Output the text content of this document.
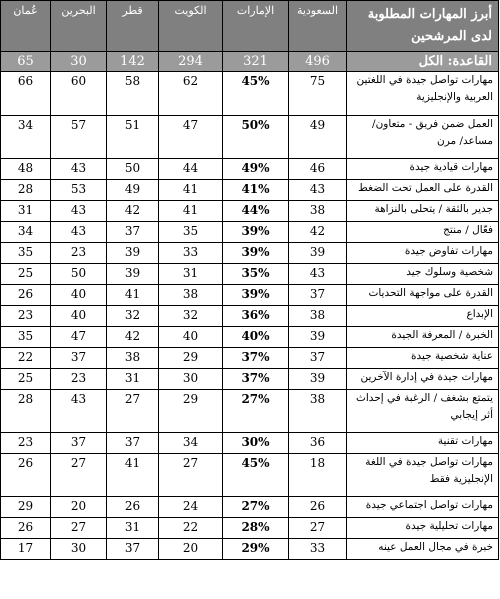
أبرز المهارات المطلوبة لدى المرشحين	السعودية	الإمارات	الكويت	قطر	البحرين	عُمان
القاعدة: الكل	496	321	294	142	30	65
مهارات تواصل جيدة في اللغتين العربية والإنجليزية	75	45%	62	58	60	66
العمل ضمن فريق - متعاون/ مساعد/ مرن	49	50%	47	51	57	34
مهارات قيادية جيدة	46	49%	44	50	43	48
القدرة على العمل تحت الضغط	43	41%	41	49	53	28
جدير بالثقة / يتحلى بالنزاهة	38	44%	41	42	43	31
فعّال / منتج	42	39%	35	37	43	34
مهارات تفاوض جيدة	39	39%	33	39	23	35
شخصية وسلوك جيد	43	35%	31	39	50	25
القدرة على مواجهة التحديات	37	39%	38	41	40	26
الإبداع	38	36%	32	32	40	23
الخبرة / المعرفة الجيدة	39	40%	40	42	47	35
عناية شخصية جيدة	37	37%	29	38	37	22
مهارات جيدة في إدارة الآخرين	39	37%	30	31	23	25
يتمتع بشغف / الرغبة في إحداث أثر إيجابي	38	27%	29	27	43	28
مهارات تقنية	36	30%	34	37	37	23
مهارات تواصل جيدة في اللغة الإنجليزية فقط	18	45%	27	41	27	26
مهارات تواصل اجتماعي جيدة	26	27%	24	26	20	29
مهارات تحليلية جيدة	27	28%	22	31	27	26
خبرة في مجال العمل عينه	33	29%	20	37	30	17
